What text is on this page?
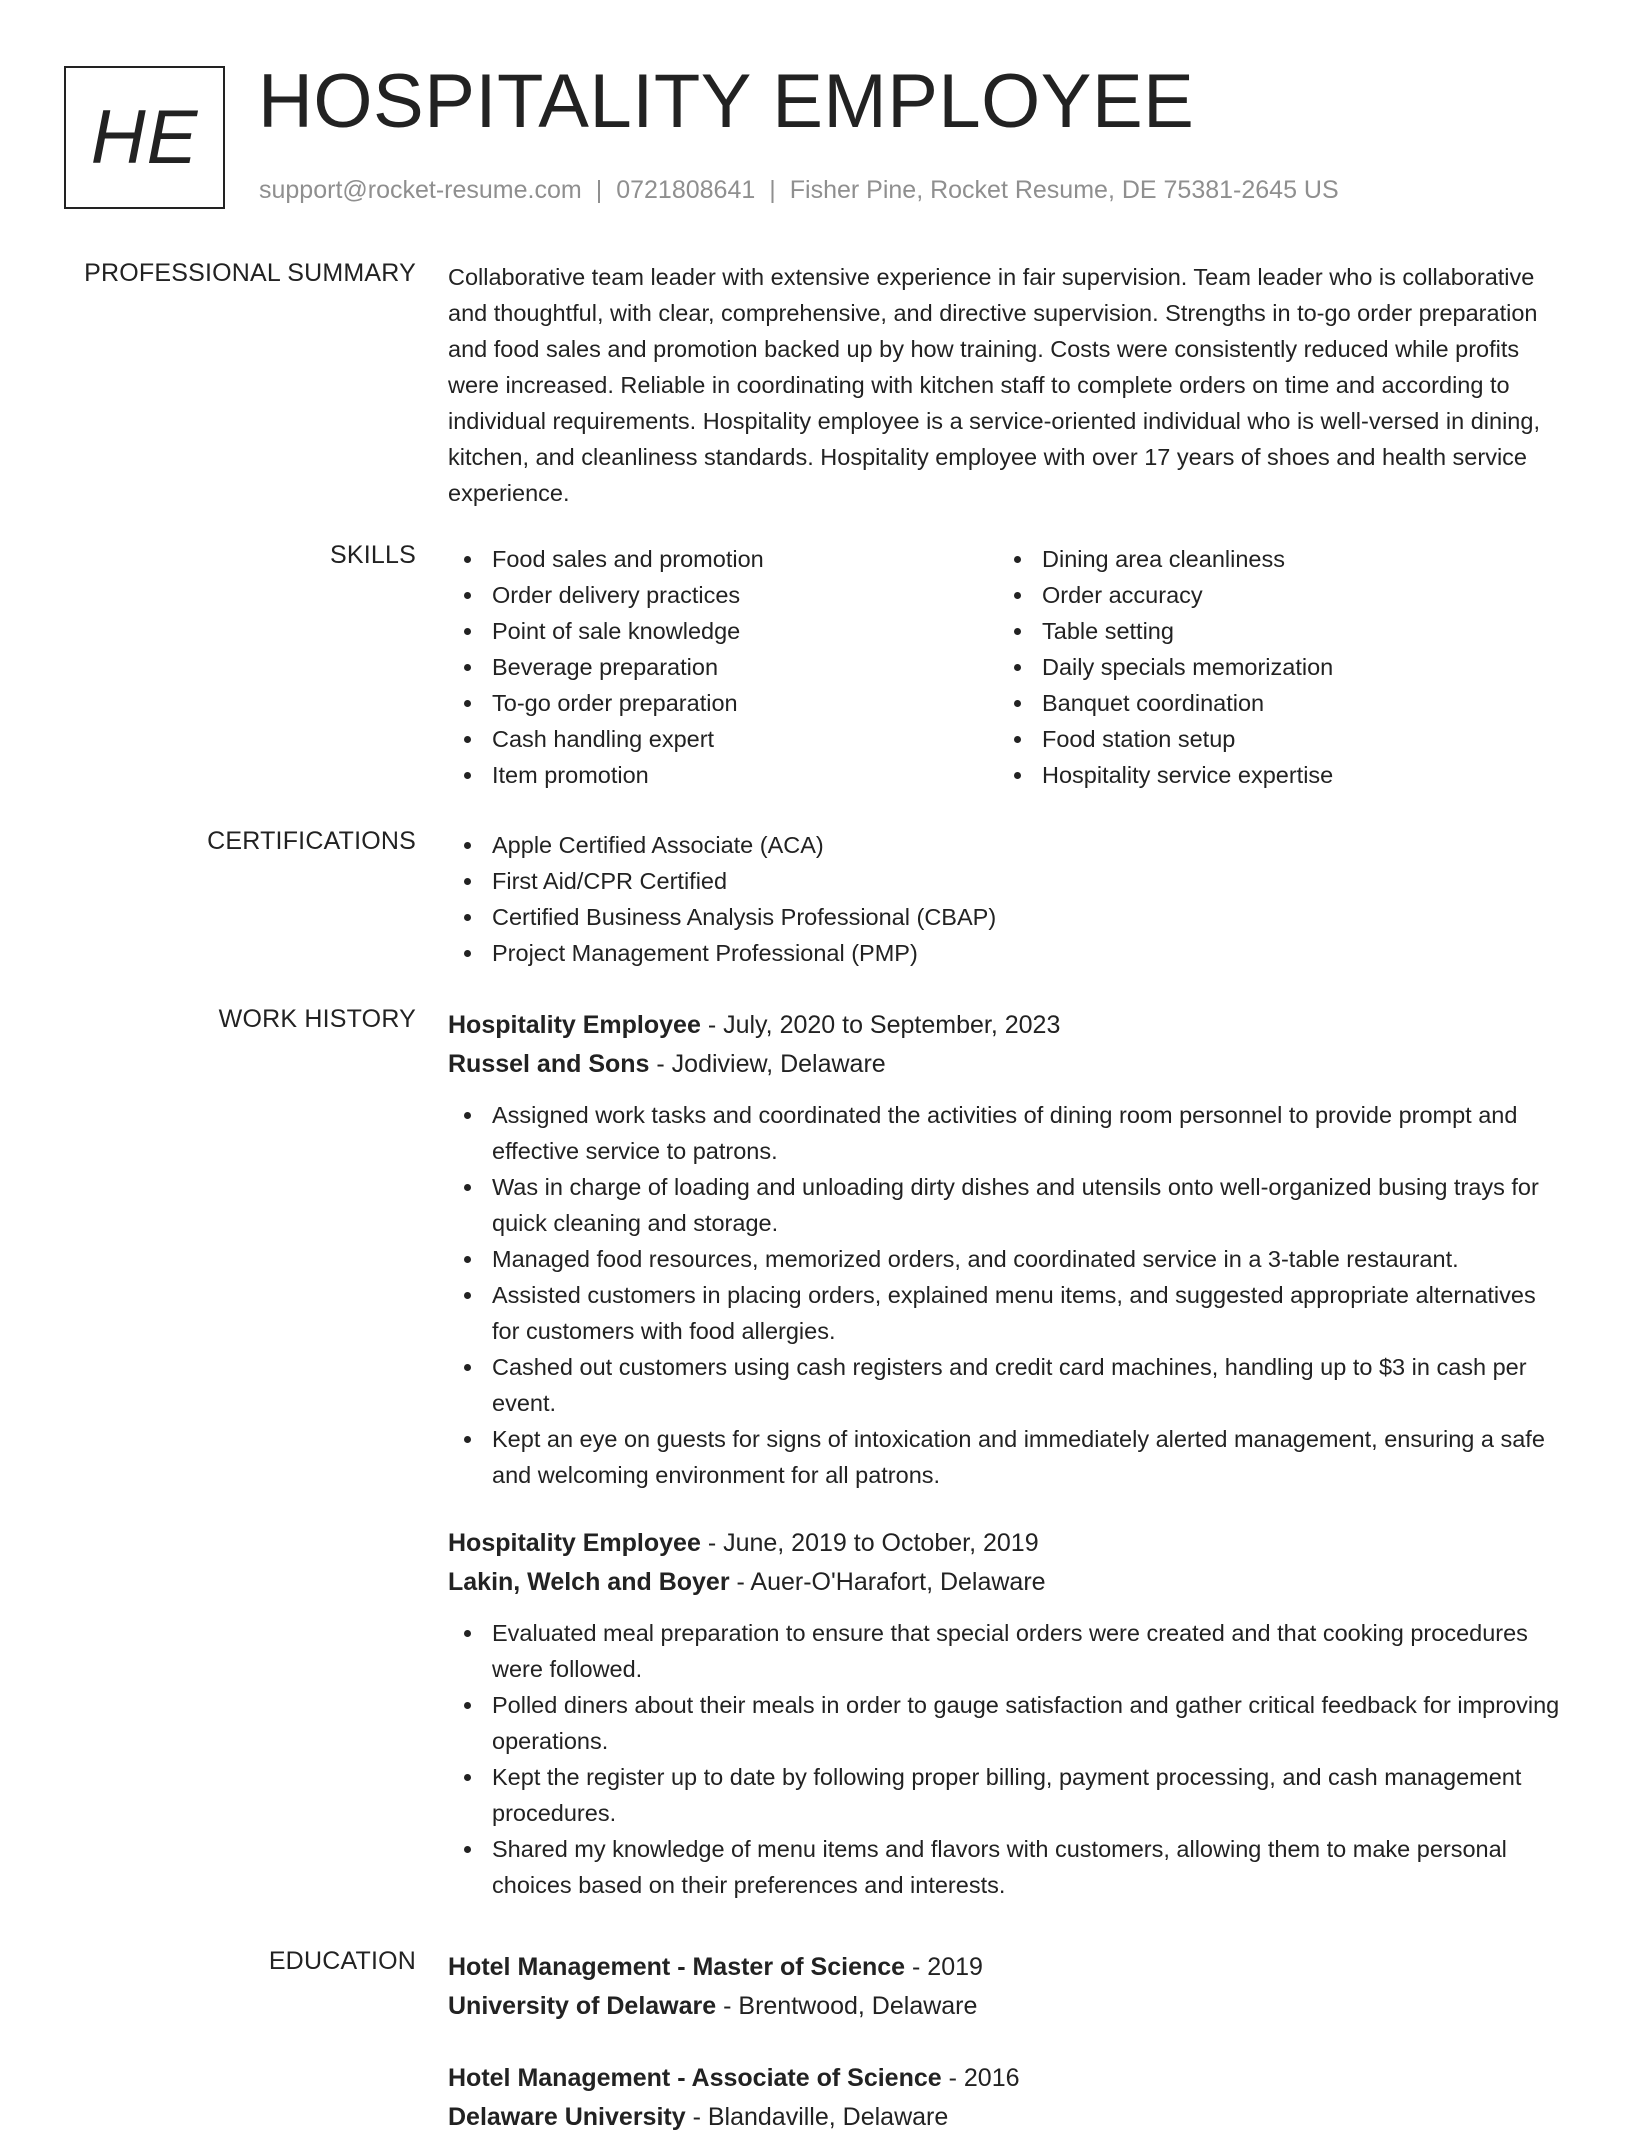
HE HOSPITALITY EMPLOYEE
support@rocket-resume.com | 0721808641 | Fisher Pine, Rocket Resume, DE 75381-2645 US
PROFESSIONAL SUMMARY Collaborative team leader with extensive experience in fair supervision. Team leader who is collaborative and thoughtful, with clear, comprehensive, and directive supervision. Strengths in to-go order preparation and food sales and promotion backed up by how training. Costs were consistently reduced while profits were increased. Reliable in coordinating with kitchen staff to complete orders on time and according to individual requirements. Hospitality employee is a service-oriented individual who is well-versed in dining, kitchen, and cleanliness standards. Hospitality employee with over 17 years of shoes and health service experience.
SKILLS	Food sales and promotion
Order delivery practices
Point of sale knowledge
Beverage preparation
To-go order preparation
Cash handling expert
Item promotion
Dining area cleanliness
Order accuracy
Table setting
Daily specials memorization
Banquet coordination
Food station setup
Hospitality service expertise
CERTIFICATIONS	Apple Certified Associate (ACA)
First Aid/CPR Certified
Certified Business Analysis Professional (CBAP)
Project Management Professional (PMP)
WORK HISTORY Hospitality Employee - July, 2020 to September, 2023
Russel and Sons - Jodiview, Delaware
Assigned work tasks and coordinated the activities of dining room personnel to provide prompt and effective service to patrons.
Was in charge of loading and unloading dirty dishes and utensils onto well-organized busing trays for quick cleaning and storage.
Managed food resources, memorized orders, and coordinated service in a 3-table restaurant.
Assisted customers in placing orders, explained menu items, and suggested appropriate alternatives for customers with food allergies.
Cashed out customers using cash registers and credit card machines, handling up to $3 in cash per event.
Kept an eye on guests for signs of intoxication and immediately alerted management, ensuring a safe and welcoming environment for all patrons.
Hospitality Employee - June, 2019 to October, 2019
Lakin, Welch and Boyer - Auer-O'Harafort, Delaware
Evaluated meal preparation to ensure that special orders were created and that cooking procedures were followed.
Polled diners about their meals in order to gauge satisfaction and gather critical feedback for improving operations.
Kept the register up to date by following proper billing, payment processing, and cash management procedures.
Shared my knowledge of menu items and flavors with customers, allowing them to make personal choices based on their preferences and interests.
EDUCATION Hotel Management - Master of Science - 2019
University of Delaware - Brentwood, Delaware
Hotel Management - Associate of Science - 2016
Delaware University - Blandaville, Delaware
